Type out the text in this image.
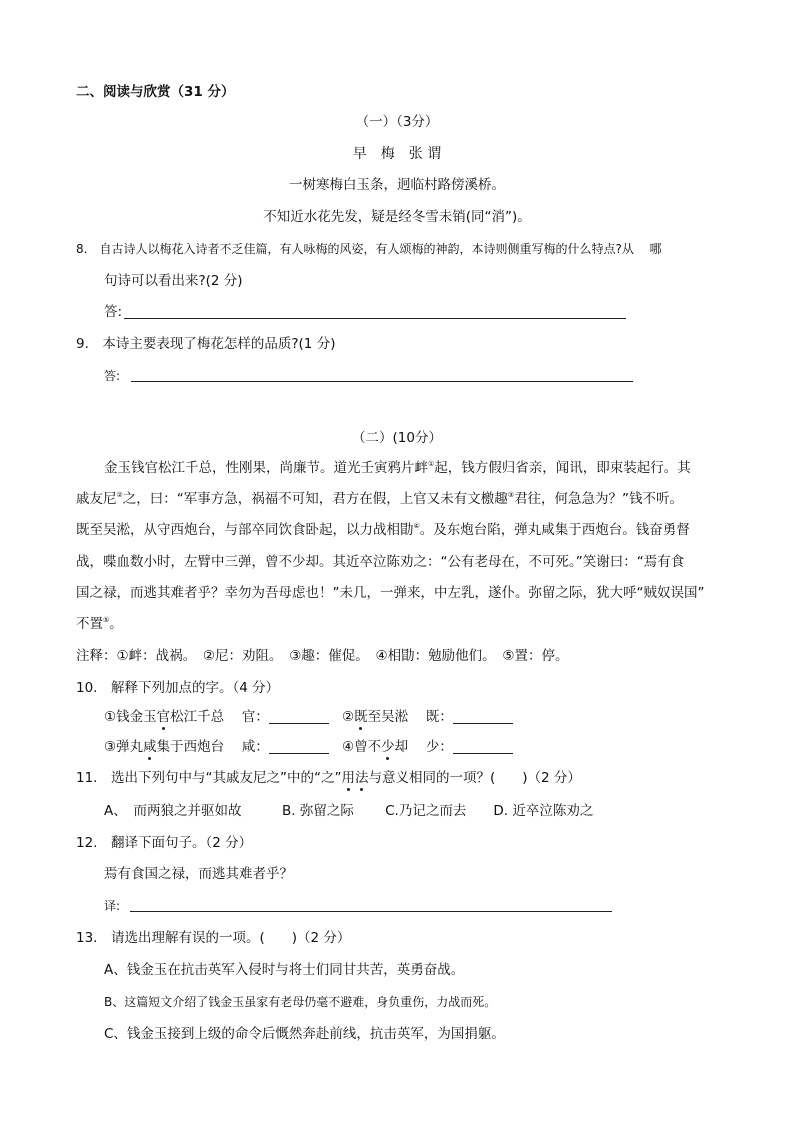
二、阅读与欣赏（31 分）
（一）（3分）
早　梅　张 谓
一树寒梅白玉条，迥临村路傍溪桥。
不知近水花先发，疑是经冬雪未销(同“消”)。
8.　自古诗人以梅花入诗者不乏佳篇，有人咏梅的风姿，有人颂梅的神韵，本诗则侧重写梅的什么特点?从　 哪
句诗可以看出来?(2 分)
答:
9.　本诗主要表现了梅花怎样的品质?(1 分)
答:
（二）(10分）
金玉钱官松江千总，性刚果，尚廉节。道光壬寅鸦片衅①起，钱方假归省亲，闻讯，即束装起行。其
戚友尼②之，曰：“军事方急，祸福不可知，君方在假，上官又未有文檄趣③君往，何急急为？”钱不听。
既至吴淞，从守西炮台，与部卒同饮食卧起，以力战相勖④。及东炮台陷，弹丸咸集于西炮台。钱奋勇督
战，喋血数小时，左臂中三弹，曾不少却。其近卒泣陈劝之：“公有老母在，不可死。”笑谢曰：“焉有食
国之禄，而逃其难者乎？幸勿为吾母虑也！”未几，一弹来，中左乳，遂仆。弥留之际，犹大呼“贼奴误国”
不置⑤。
注释：①衅：战祸。　②尼：劝阻。　③趣：催促。　④相勖：勉励他们。　⑤置：停。
10.　解释下列加点的字。（4 分）
①钱金玉官松江千总　 官：	②既至吴淞　 既：
③弹丸咸集于西炮台　 咸：	④曾不少却　 少：
11.　选出下列句中与“其戚友尼之”中的“之”用法与意义相同的一项？(　　)（2 分）
A、　而两狼之并驱如故　　　B. 弥留之际　　 C.乃记之而去　　D. 近卒泣陈劝之
12.　翻译下面句子。（2 分）
焉有食国之禄，而逃其难者乎？
译:
13.　请选出理解有误的一项。(　　)（2 分）
A、钱金玉在抗击英军入侵时与将士们同甘共苦，英勇奋战。
B、这篇短文介绍了钱金玉虽家有老母仍毫不避难，身负重伤，力战而死。
C、钱金玉接到上级的命令后慨然奔赴前线，抗击英军，为国捐躯。
